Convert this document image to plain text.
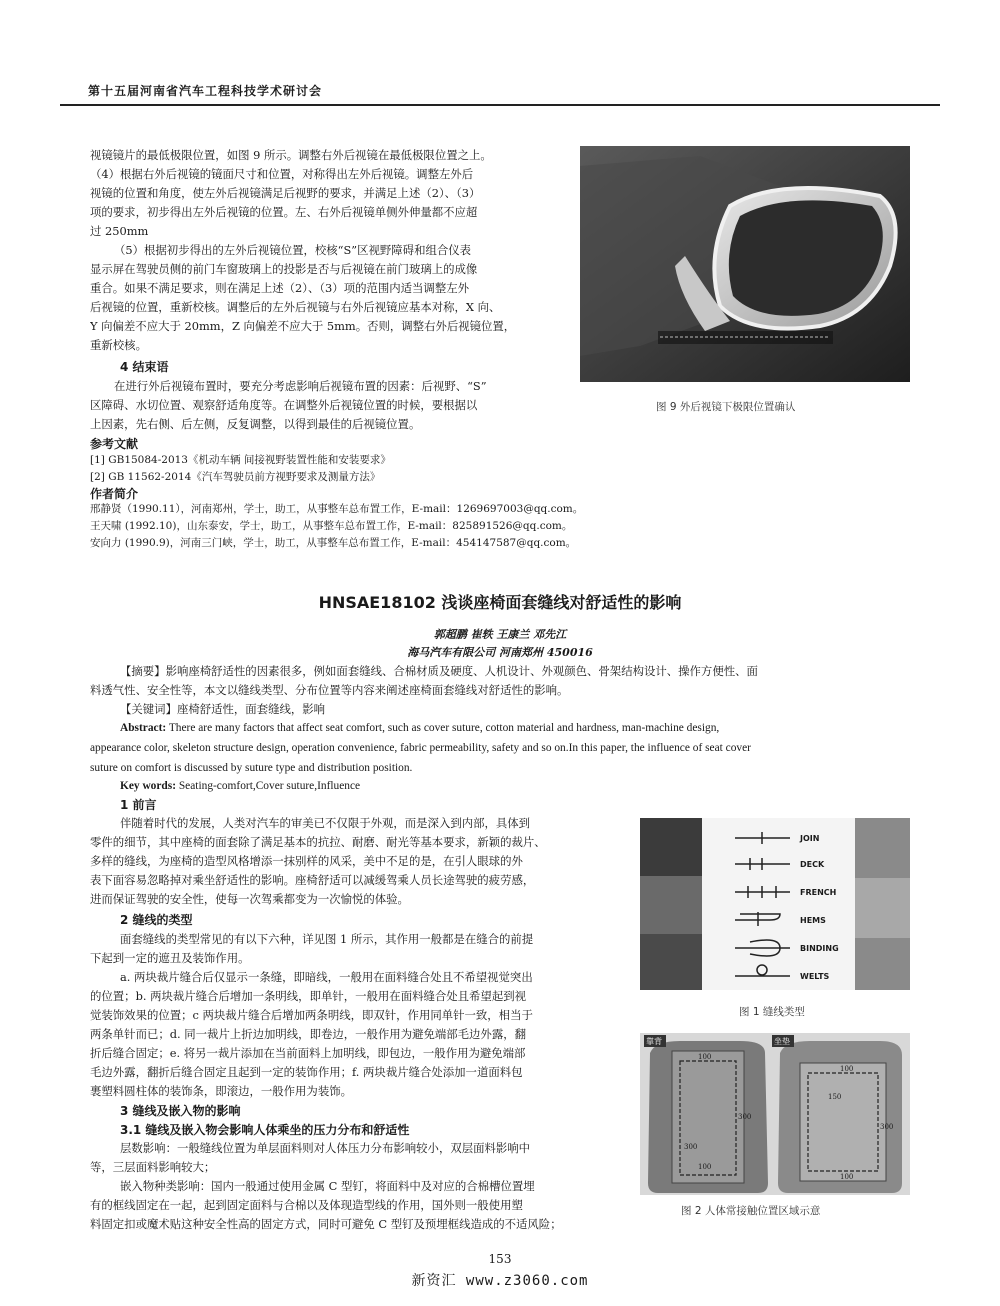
第十五届河南省汽车工程科技学术研讨会
视镜镜片的最低极限位置，如图 9 所示。调整右外后视镜在最低极限位置之上。
（4）根据右外后视镜的镜面尺寸和位置，对称得出左外后视镜。调整左外后
视镜的位置和角度，使左外后视镜满足后视野的要求，并满足上述（2）、（3）
项的要求，初步得出左外后视镜的位置。左、右外后视镜单侧外伸量都不应超
过 250mm
（5）根据初步得出的左外后视镜位置，校核“S”区视野障碍和组合仪表
显示屏在驾驶员侧的前门车窗玻璃上的投影是否与后视镜在前门玻璃上的成像
重合。如果不满足要求，则在满足上述（2）、（3）项的范围内适当调整左外
后视镜的位置，重新校核。调整后的左外后视镜与右外后视镜应基本对称，X 向、
Y 向偏差不应大于 20mm，Z 向偏差不应大于 5mm。否则，调整右外后视镜位置，
重新校核。
4 结束语
在进行外后视镜布置时，要充分考虑影响后视镜布置的因素：后视野、“S”
区障碍、水切位置、观察舒适角度等。在调整外后视镜位置的时候，要根据以
上因素，先右侧、后左侧，反复调整，以得到最佳的后视镜位置。
图 9 外后视镜下极限位置确认
参考文献
[1] GB15084-2013《机动车辆 间接视野装置性能和安装要求》
[2] GB 11562-2014《汽车驾驶员前方视野要求及测量方法》
作者简介
邢静贤（1990.11），河南郑州，学士，助工，从事整车总布置工作，E-mail：1269697003@qq.com。
王天啸 (1992.10)，山东泰安，学士，助工，从事整车总布置工作，E-mail：825891526@qq.com。
安向力 (1990.9)，河南三门峡，学士，助工，从事整车总布置工作，E-mail：454147587@qq.com。
HNSAE18102 浅谈座椅面套缝线对舒适性的影响
郭超鹏 崔轶 王康兰 邓先江
海马汽车有限公司 河南郑州 450016
【摘要】影响座椅舒适性的因素很多，例如面套缝线、合棉材质及硬度、人机设计、外观颜色、骨架结构设计、操作方便性、面
料透气性、安全性等，本文以缝线类型、分布位置等内容来阐述座椅面套缝线对舒适性的影响。
【关键词】座椅舒适性，面套缝线，影响
Abstract: There are many factors that affect seat comfort, such as cover suture, cotton material and hardness, man-machine design,
appearance color, skeleton structure design, operation convenience, fabric permeability, safety and so on.In this paper, the influence of seat cover
suture on comfort is discussed by suture type and distribution position.
Key words: Seating-comfort,Cover suture,Influence
1 前言
伴随着时代的发展，人类对汽车的审美已不仅限于外观，而是深入到内部，具体到
零件的细节，其中座椅的面套除了满足基本的抗拉、耐磨、耐光等基本要求，新颖的裁片、
多样的缝线，为座椅的造型风格增添一抹别样的风采，美中不足的是，在引人眼球的外
表下面容易忽略掉对乘坐舒适性的影响。座椅舒适可以减缓驾乘人员长途驾驶的疲劳感，
进而保证驾驶的安全性，使每一次驾乘都变为一次愉悦的体验。
2 缝线的类型
面套缝线的类型常见的有以下六种，详见图 1 所示，其作用一般都是在缝合的前提
下起到一定的遮丑及装饰作用。
a. 两块裁片缝合后仅显示一条缝，即暗线，一般用在面料缝合处且不希望视觉突出
的位置；b. 两块裁片缝合后增加一条明线，即单针，一般用在面料缝合处且希望起到视
觉装饰效果的位置；c 两块裁片缝合后增加两条明线，即双针，作用同单针一致，相当于
两条单针而已；d. 同一裁片上折边加明线，即卷边，一般作用为避免端部毛边外露，翻
折后缝合固定；e. 将另一裁片添加在当前面料上加明线，即包边，一般作用为避免端部
毛边外露，翻折后缝合固定且起到一定的装饰作用；f. 两块裁片缝合处添加一道面料包
裹塑料圆柱体的装饰条，即滚边，一般作用为装饰。
3 缝线及嵌入物的影响
3.1 缝线及嵌入物会影响人体乘坐的压力分布和舒适性
层数影响：一般缝线位置为单层面料则对人体压力分布影响较小，双层面料影响中
等，三层面料影响较大；
嵌入物种类影响：国内一般通过使用金属 C 型钉，将面料中及对应的合棉槽位置埋
有的框线固定在一起，起到固定面料与合棉以及体现造型线的作用，国外则一般使用塑
料固定扣或魔术贴这种安全性高的固定方式，同时可避免 C 型钉及预埋框线造成的不适风险；
JOIN
DECK
FRENCH
HEMS
BINDING
WELTS
图 1 缝线类型
靠背	坐垫
100
100
300
300
150
300
100
100
图 2 人体常接触位置区域示意
153
新资汇 www.z3060.com
